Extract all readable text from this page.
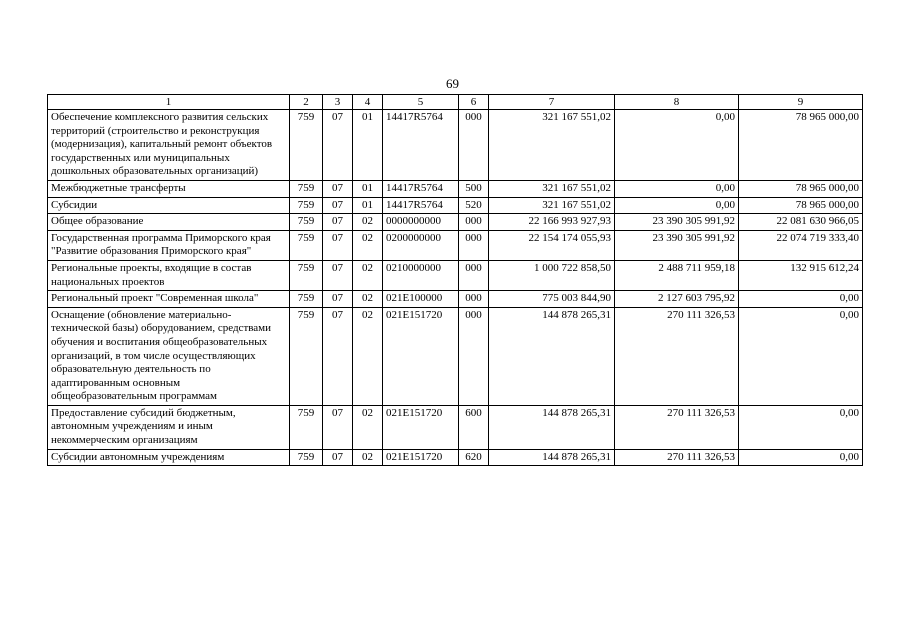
69
1	2	3	4	5	6	7	8	9
Обеспечение комплексного развития сельских территорий (строительство и реконструкция (модернизация), капитальный ремонт объектов государственных или муниципальных дошкольных образовательных организаций)	759	07	01	14417R5764	000	321 167 551,02	0,00	78 965 000,00
Межбюджетные трансферты	759	07	01	14417R5764	500	321 167 551,02	0,00	78 965 000,00
Субсидии	759	07	01	14417R5764	520	321 167 551,02	0,00	78 965 000,00
Общее образование	759	07	02	0000000000	000	22 166 993 927,93	23 390 305 991,92	22 081 630 966,05
Государственная программа Приморского края "Развитие образования Приморского края"	759	07	02	0200000000	000	22 154 174 055,93	23 390 305 991,92	22 074 719 333,40
Региональные проекты, входящие в состав национальных проектов	759	07	02	0210000000	000	1 000 722 858,50	2 488 711 959,18	132 915 612,24
Региональный проект "Современная школа"	759	07	02	021E100000	000	775 003 844,90	2 127 603 795,92	0,00
Оснащение (обновление материально-технической базы) оборудованием, средствами обучения и воспитания общеобразовательных организаций, в том числе осуществляющих образовательную деятельность по адаптированным основным общеобразовательным программам	759	07	02	021E151720	000	144 878 265,31	270 111 326,53	0,00
Предоставление субсидий бюджетным, автономным учреждениям и иным некоммерческим организациям	759	07	02	021E151720	600	144 878 265,31	270 111 326,53	0,00
Субсидии автономным учреждениям	759	07	02	021E151720	620	144 878 265,31	270 111 326,53	0,00
